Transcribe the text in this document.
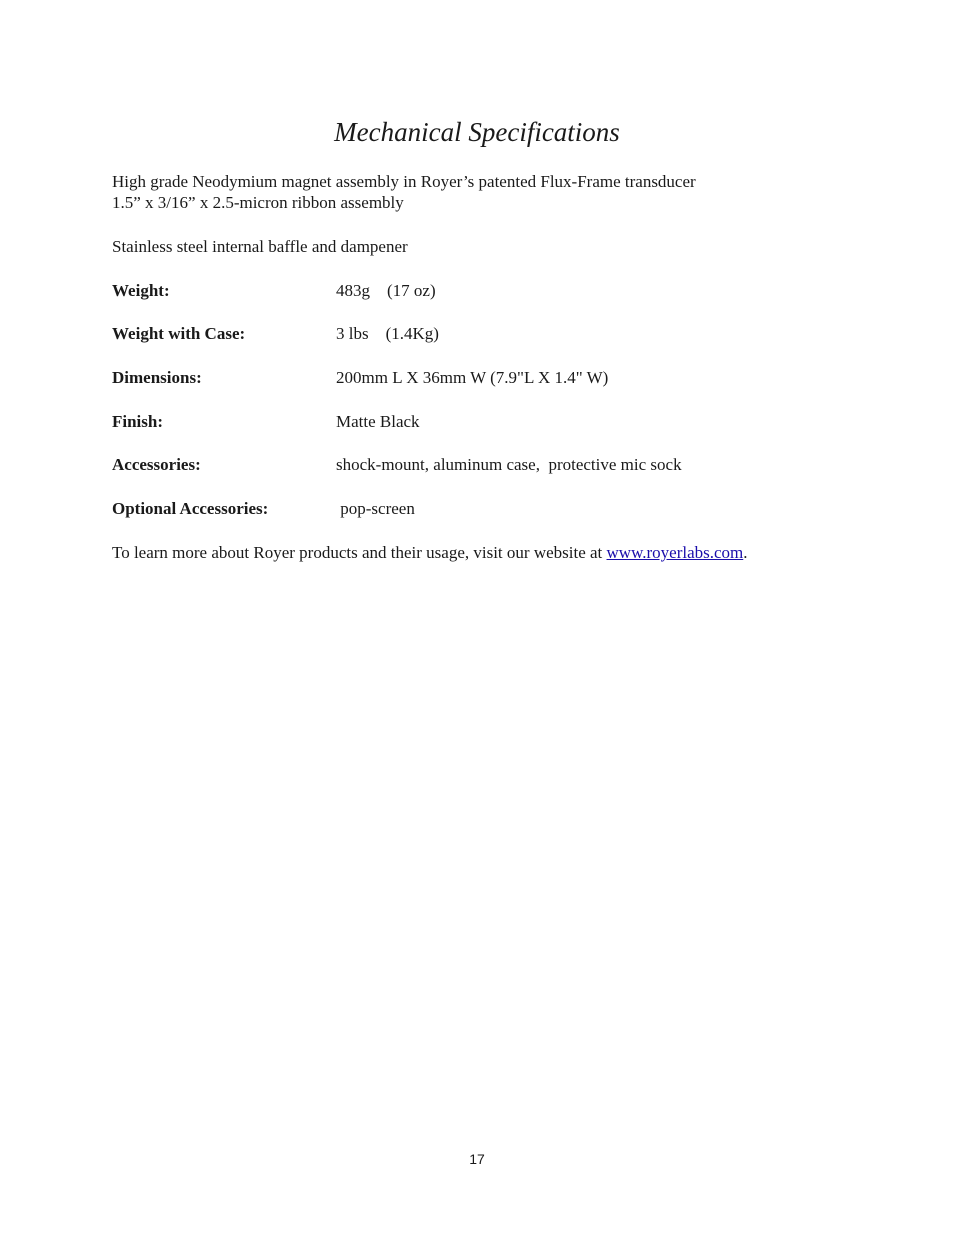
Mechanical Specifications

High grade Neodymium magnet assembly in Royer’s patented Flux-Frame transducer
1.5” x 3/16” x 2.5-micron ribbon assembly

Stainless steel internal baffle and dampener

Weight:	483g    (17 oz)
Weight with Case:	3 lbs    (1.4Kg)
Dimensions:	200mm L X 36mm W (7.9"L X 1.4" W)
Finish:	Matte Black
Accessories:	shock-mount, aluminum case,  protective mic sock
Optional Accessories:	pop-screen
To learn more about Royer products and their usage, visit our website at www.royerlabs.com.
17
